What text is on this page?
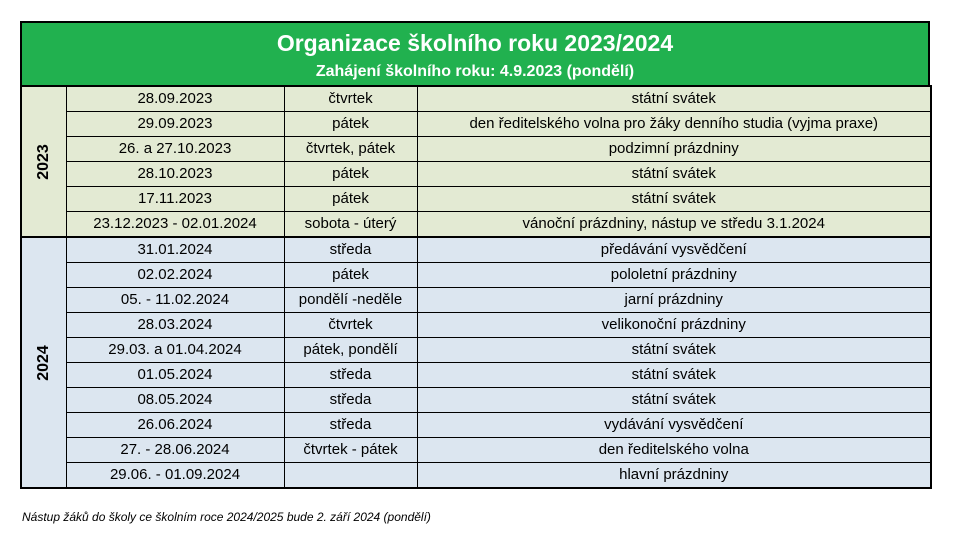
Organizace školního roku 2023/2024
Zahájení školního roku: 4.9.2023 (pondělí)
2023	28.09.2023	čtvrtek	státní svátek
	29.09.2023	pátek	den ředitelského volna pro žáky denního studia (vyjma praxe)
	26. a 27.10.2023	čtvrtek, pátek	podzimní prázdniny
	28.10.2023	pátek	státní svátek
	17.11.2023	pátek	státní svátek
	23.12.2023 - 02.01.2024	sobota - úterý	vánoční prázdniny, nástup ve středu 3.1.2024
2024	31.01.2024	středa	předávání vysvědčení
	02.02.2024	pátek	pololetní prázdniny
	05. - 11.02.2024	pondělí -neděle	jarní prázdniny
	28.03.2024	čtvrtek	velikonoční prázdniny
	29.03. a 01.04.2024	pátek, pondělí	státní svátek
	01.05.2024	středa	státní svátek
	08.05.2024	středa	státní svátek
	26.06.2024	středa	vydávání vysvědčení
	27. - 28.06.2024	čtvrtek - pátek	den ředitelského volna
	29.06. - 01.09.2024		hlavní prázdniny
Nástup žáků do školy ce školním roce 2024/2025 bude 2. září 2024 (pondělí)
